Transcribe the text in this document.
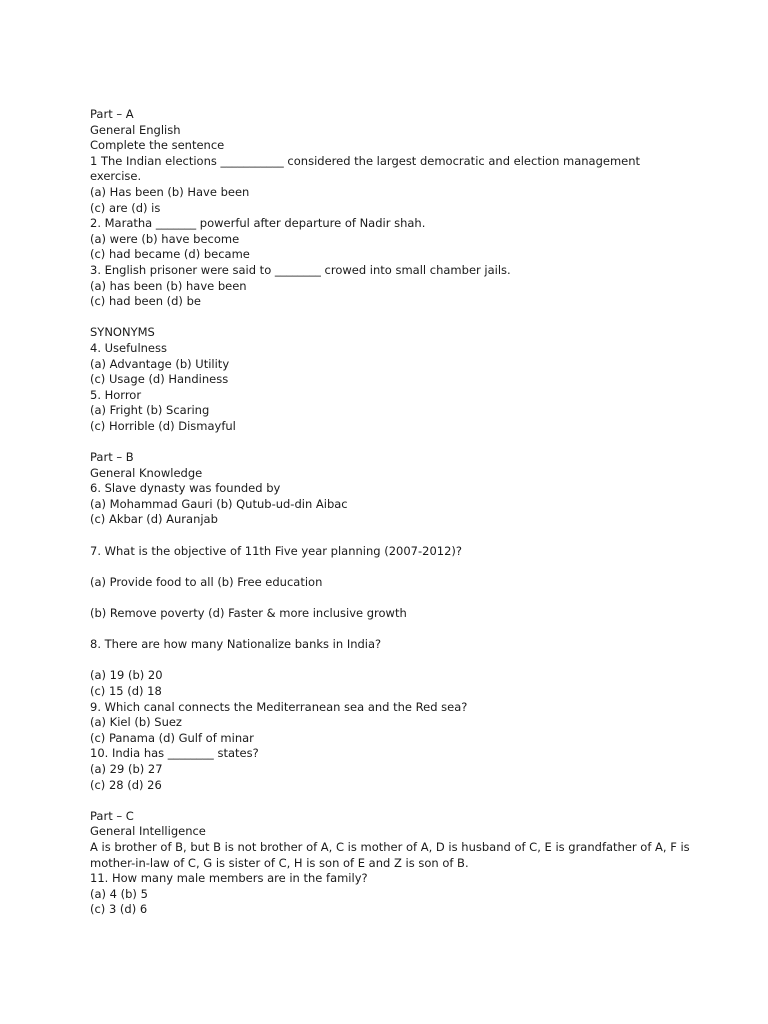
Part – A
General English
Complete the sentence
1 The Indian elections ___________ considered the largest democratic and election management
exercise.
(a) Has been (b) Have been
(c) are (d) is
2. Maratha _______ powerful after departure of Nadir shah.
(a) were (b) have become
(c) had became (d) became
3. English prisoner were said to ________ crowed into small chamber jails.
(a) has been (b) have been
(c) had been (d) be
SYNONYMS
4. Usefulness
(a) Advantage (b) Utility
(c) Usage (d) Handiness
5. Horror
(a) Fright (b) Scaring
(c) Horrible (d) Dismayful
Part – B
General Knowledge
6. Slave dynasty was founded by
(a) Mohammad Gauri (b) Qutub-ud-din Aibac
(c) Akbar (d) Auranjab
7. What is the objective of 11th Five year planning (2007-2012)?
(a) Provide food to all (b) Free education
(b) Remove poverty (d) Faster & more inclusive growth
8. There are how many Nationalize banks in India?
(a) 19 (b) 20
(c) 15 (d) 18
9. Which canal connects the Mediterranean sea and the Red sea?
(a) Kiel (b) Suez
(c) Panama (d) Gulf of minar
10. India has ________ states?
(a) 29 (b) 27
(c) 28 (d) 26
Part – C
General Intelligence
A is brother of B, but B is not brother of A, C is mother of A, D is husband of C, E is grandfather of A, F is
mother-in-law of C, G is sister of C, H is son of E and Z is son of B.
11. How many male members are in the family?
(a) 4 (b) 5
(c) 3 (d) 6
